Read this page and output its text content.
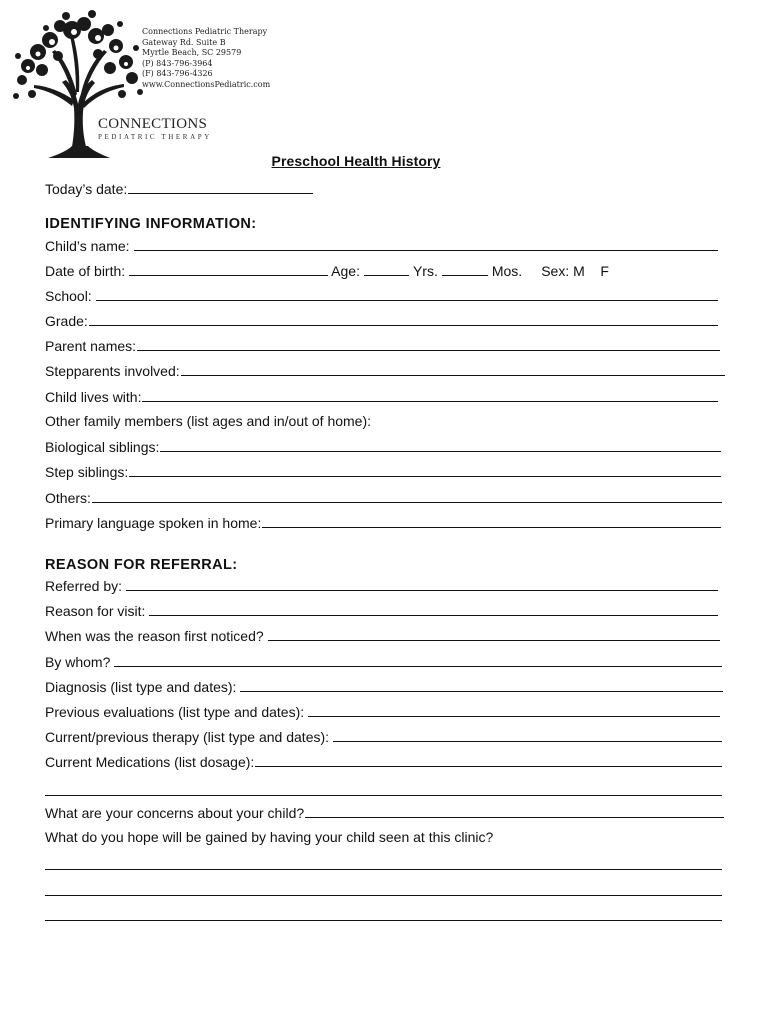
Connections Pediatric Therapy
Gateway Rd. Suite B
Myrtle Beach, SC 29579
(P) 843-796-3964
(F) 843-796-4326
www.ConnectionsPediatric.com
CONNECTIONS
PEDIATRIC THERAPY
Preschool Health History
Today’s date:
IDENTIFYING INFORMATION:
Child’s name:
Date of birth:	Age:	Yrs.	Mos. Sex: M    F
School:
Grade:
Parent names:
Stepparents involved:
Child lives with:
Other family members (list ages and in/out of home):
Biological siblings:
Step siblings:
Others:
Primary language spoken in home:
REASON FOR REFERRAL:
Referred by:
Reason for visit:
When was the reason first noticed?
By whom?
Diagnosis (list type and dates):
Previous evaluations (list type and dates):
Current/previous therapy (list type and dates):
Current Medications (list dosage):
What are your concerns about your child?
What do you hope will be gained by having your child seen at this clinic?
